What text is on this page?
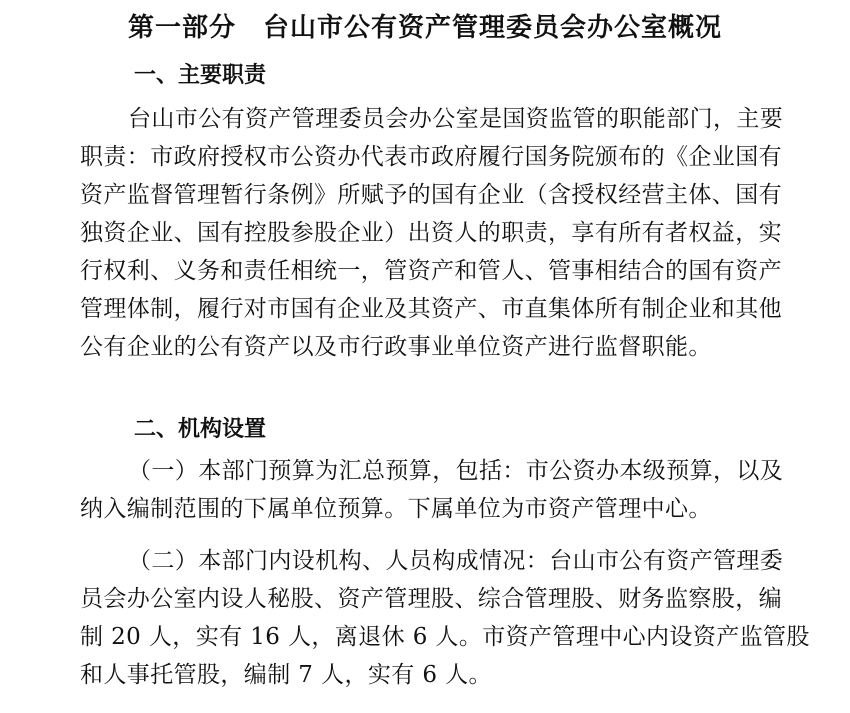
第一部分　台山市公有资产管理委员会办公室概况
一、主要职责
台山市公有资产管理委员会办公室是国资监管的职能部门，主要
职责：市政府授权市公资办代表市政府履行国务院颁布的《企业国有
资产监督管理暂行条例》所赋予的国有企业（含授权经营主体、国有
独资企业、国有控股参股企业）出资人的职责，享有所有者权益，实
行权利、义务和责任相统一，管资产和管人、管事相结合的国有资产
管理体制，履行对市国有企业及其资产、市直集体所有制企业和其他
公有企业的公有资产以及市行政事业单位资产进行监督职能。
二、机构设置
（一）本部门预算为汇总预算，包括：市公资办本级预算，以及
纳入编制范围的下属单位预算。下属单位为市资产管理中心。
（二）本部门内设机构、人员构成情况：台山市公有资产管理委
员会办公室内设人秘股、资产管理股、综合管理股、财务监察股，编
制 20 人，实有 16 人，离退休 6 人。市资产管理中心内设资产监管股
和人事托管股，编制 7 人，实有 6 人。
